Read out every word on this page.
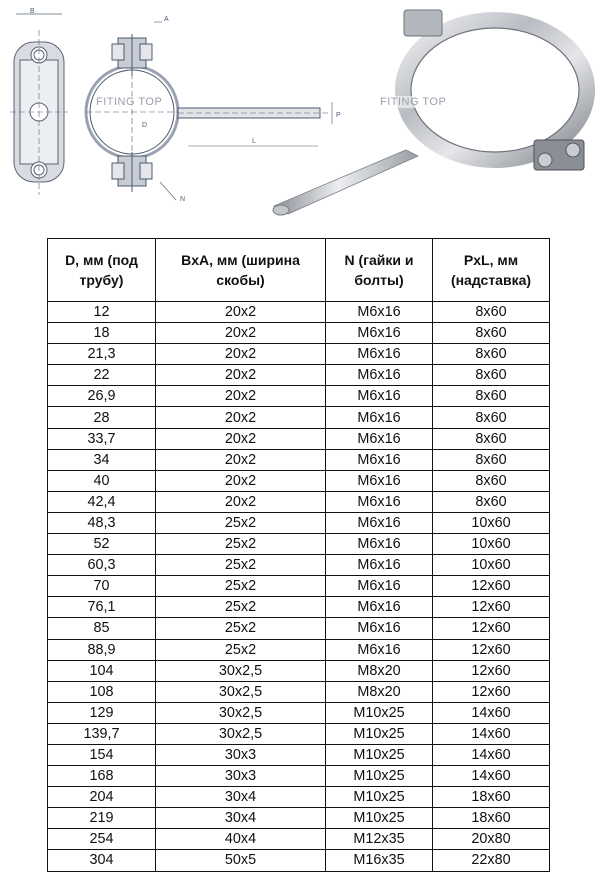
FITING TOP	FITING TOP
B
A
D
L
P
N
D, мм (под трубу)	BxA, мм (ширина скобы)	N (гайки и болты)	PxL, мм (надставка)
12	20x2	M6x16	8x60
18	20x2	M6x16	8x60
21,3	20x2	M6x16	8x60
22	20x2	M6x16	8x60
26,9	20x2	M6x16	8x60
28	20x2	M6x16	8x60
33,7	20x2	M6x16	8x60
34	20x2	M6x16	8x60
40	20x2	M6x16	8x60
42,4	20x2	M6x16	8x60
48,3	25x2	M6x16	10x60
52	25x2	M6x16	10x60
60,3	25x2	M6x16	10x60
70	25x2	M6x16	12x60
76,1	25x2	M6x16	12x60
85	25x2	M6x16	12x60
88,9	25x2	M6x16	12x60
104	30x2,5	M8x20	12x60
108	30x2,5	M8x20	12x60
129	30x2,5	M10x25	14x60
139,7	30x2,5	M10x25	14x60
154	30x3	M10x25	14x60
168	30x3	M10x25	14x60
204	30x4	M10x25	18x60
219	30x4	M10x25	18x60
254	40x4	M12x35	20x80
304	50x5	M16x35	22x80
